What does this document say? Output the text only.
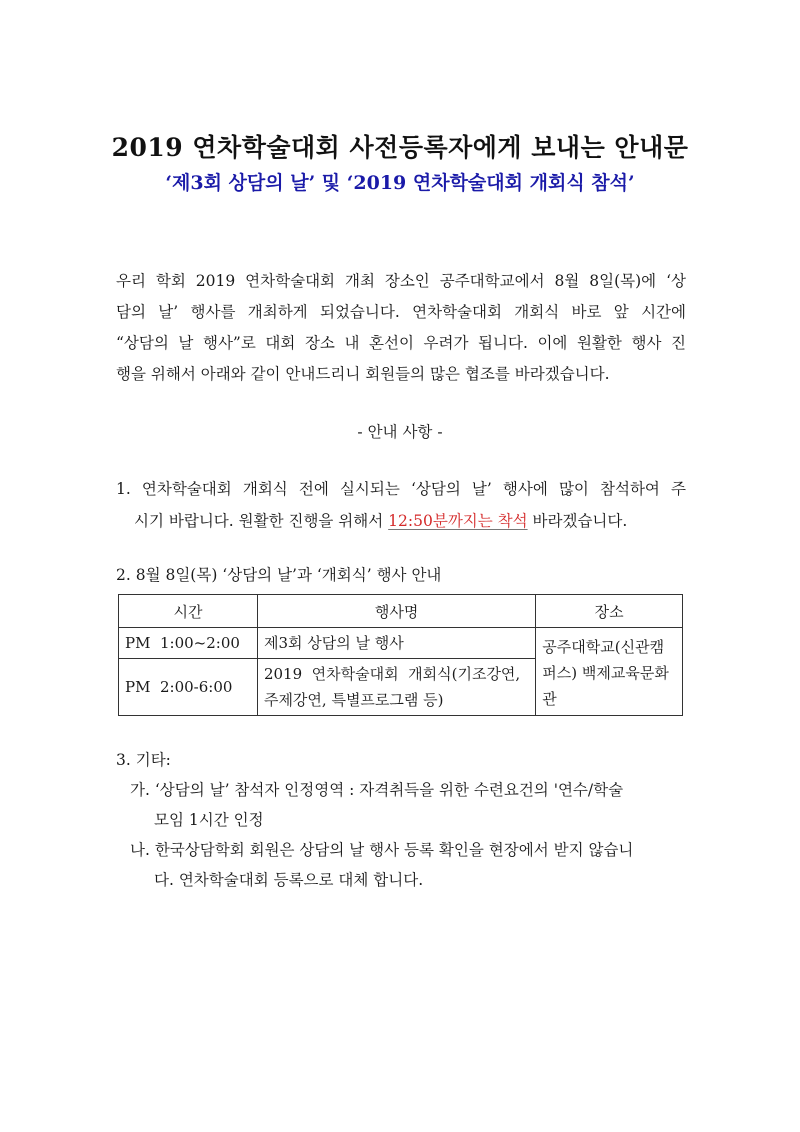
2019 연차학술대회 사전등록자에게 보내는 안내문
‘제3회 상담의 날’ 및 ‘2019 연차학술대회 개회식 참석’
우리 학회 2019 연차학술대회 개최 장소인 공주대학교에서 8월 8일(목)에 ‘상
담의 날’ 행사를 개최하게 되었습니다. 연차학술대회 개회식 바로 앞 시간에
“상담의 날 행사”로 대회 장소 내 혼선이 우려가 됩니다. 이에 원활한 행사 진
행을 위해서 아래와 같이 안내드리니 회원들의 많은 협조를 바라겠습니다.
- 안내 사항 -
1. 연차학술대회 개회식 전에 실시되는 ‘상담의 날’ 행사에 많이 참석하여 주
시기 바랍니다. 원활한 진행을 위해서 12:50분까지는 착석 바라겠습니다.
2. 8월 8일(목) ‘상담의 날’과 ‘개회식’ 행사 안내
시간	행사명	장소
PM  1:00~2:00	제3회 상담의 날 행사	공주대학교(신관캠퍼스) 백제교육문화관
PM  2:00-6:00	2019  연차학술대회  개회식(기조강연, 주제강연, 특별프로그램 등)	
3. 기타:
가. ‘상담의 날’ 참석자 인정영역 : 자격취득을 위한 수련요건의 '연수/학술
모임 1시간 인정
나. 한국상담학회 회원은 상담의 날 행사 등록 확인을 현장에서 받지 않습니
다. 연차학술대회 등록으로 대체 합니다.
